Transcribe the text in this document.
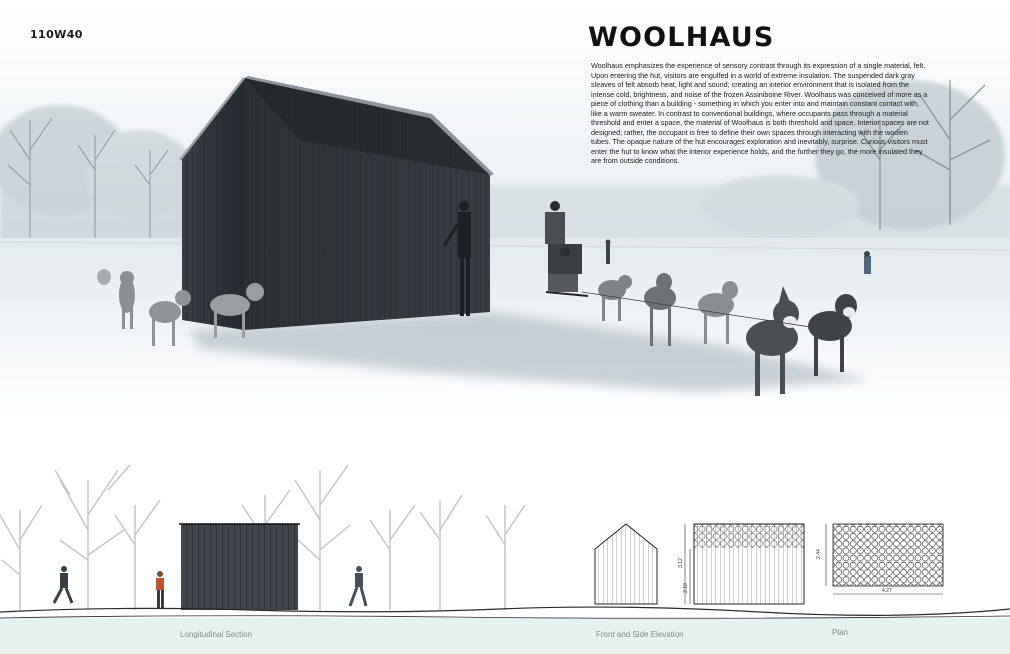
110W40	WOOLHAUS
Woolhaus emphasizes the experience of sensory contrast through its expression of a single material, felt. Upon entering the hut, visitors are engulfed in a world of extreme insulation. The suspended dark gray sleaves of felt absorb heat, light and sound; creating an interior environment that is isolated from the intense cold, brightness, and noise of the frozen Assiniboine River. Woolhaus was conceived of more as a piece of clothing than a building - something in which you enter into and maintain constant contact with, like a warm sweater. In contrast to conventional buildings, where occupants pass through a material threshold and enter a space, the material of Woolhaus is both threshold and space. Interior spaces are not designed; rather, the occupant is free to define their own spaces through interacting with the woolen tubes. The opaque nature of the hut encourages exploration and inevitably, surprise. Curious visitors must enter the hut to know what the interior experience holds, and the further they go, the more insulated they are from outside conditions.
3.12
2.18
2.44
4.27
Longitudinal Section	Front and Side Elevation	Plan
